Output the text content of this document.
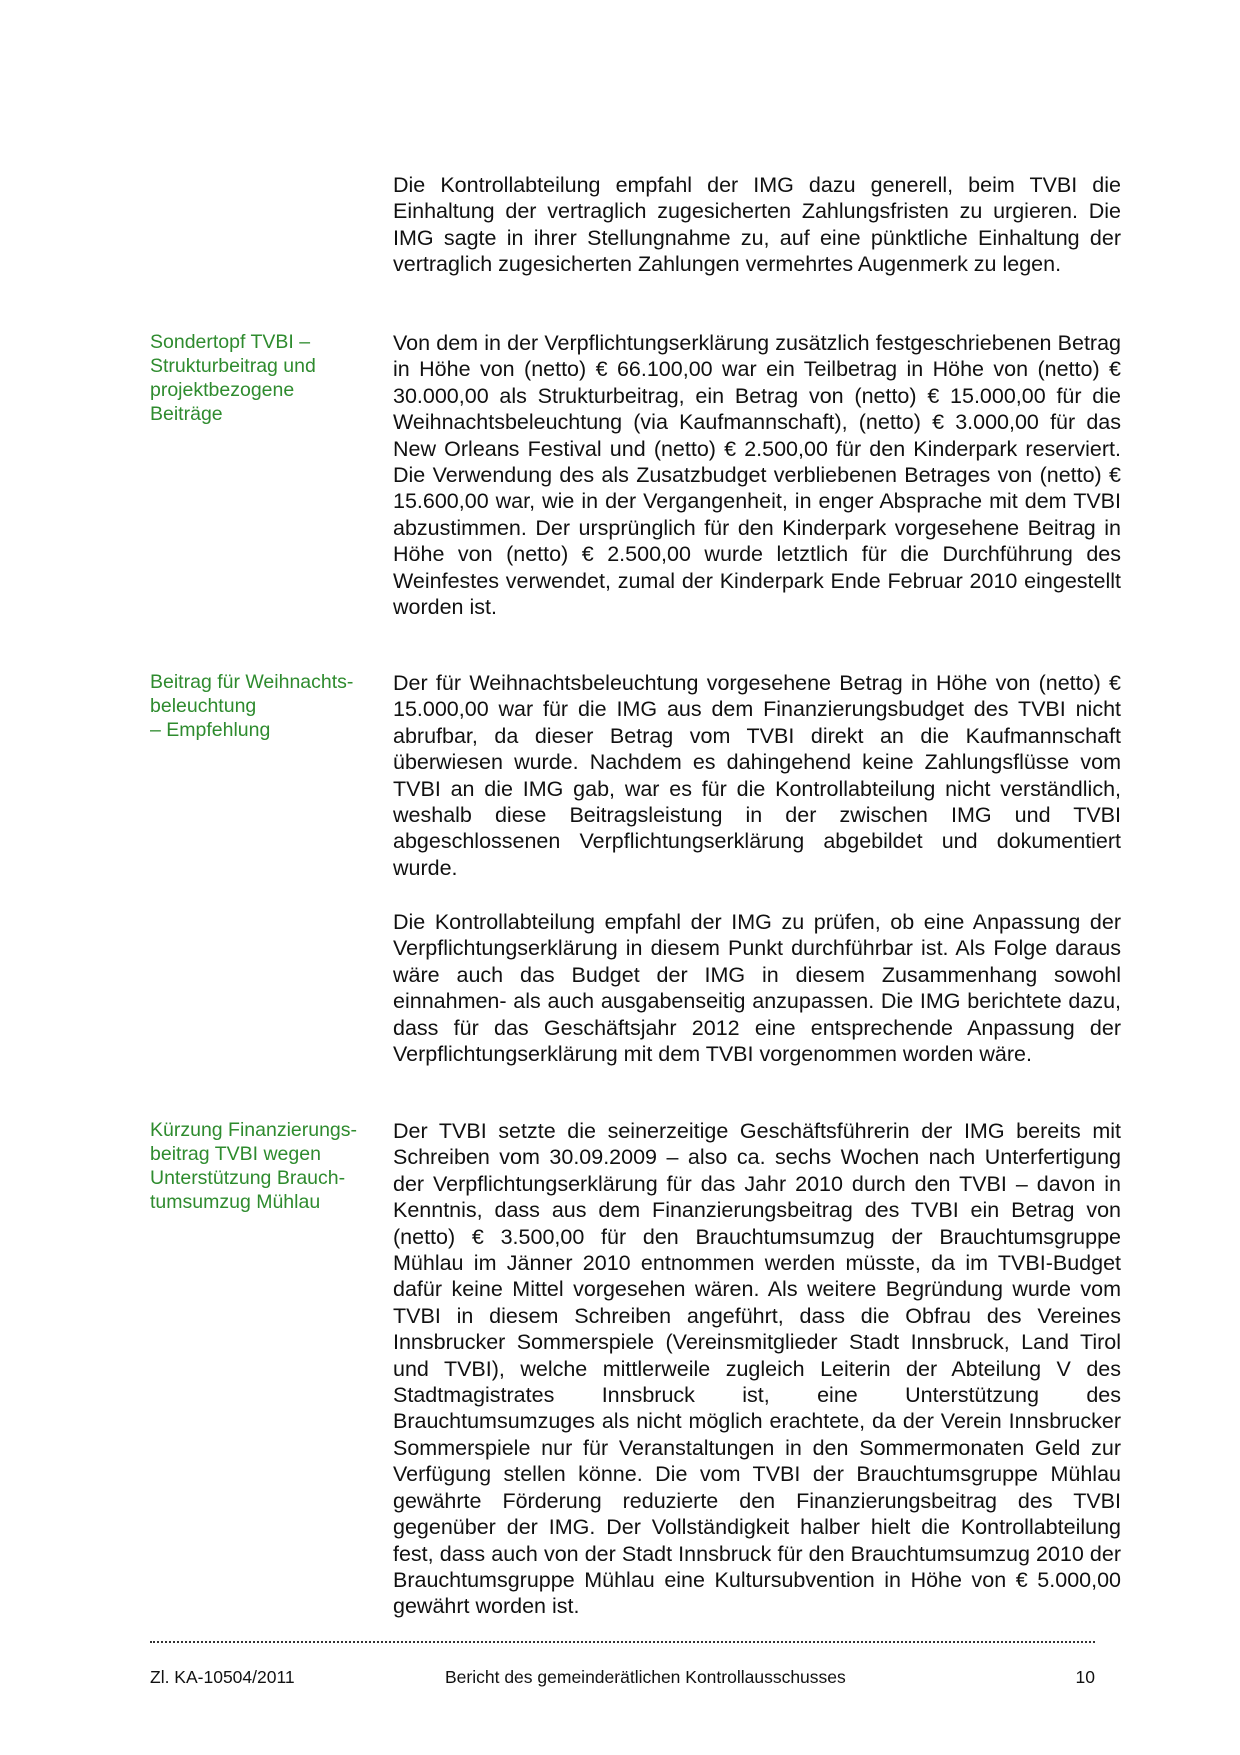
Die Kontrollabteilung empfahl der IMG dazu generell, beim TVBI die Einhaltung der vertraglich zugesicherten Zahlungsfristen zu urgieren. Die IMG sagte in ihrer Stellungnahme zu, auf eine pünktliche Einhaltung der vertraglich zugesicherten Zahlungen vermehrtes Augenmerk zu legen.

Sondertopf TVBI –
Strukturbeitrag und
projektbezogene
Beiträge

Von dem in der Verpflichtungserklärung zusätzlich festgeschriebenen Betrag in Höhe von (netto) € 66.100,00 war ein Teilbetrag in Höhe von (netto) € 30.000,00 als Strukturbeitrag, ein Betrag von (netto) € 15.000,00 für die Weihnachtsbeleuchtung (via Kaufmannschaft), (netto) € 3.000,00 für das New Orleans Festival und (netto) € 2.500,00 für den Kinderpark reserviert. Die Verwendung des als Zusatzbudget verbliebenen Betrages von (netto) € 15.600,00 war, wie in der Vergangenheit, in enger Absprache mit dem TVBI abzustimmen. Der ursprünglich für den Kinderpark vorgesehene Beitrag in Höhe von (netto) € 2.500,00 wurde letztlich für die Durchführung des Weinfestes verwendet, zumal der Kinderpark Ende Februar 2010 eingestellt worden ist.

Beitrag für Weihnachts-
beleuchtung
– Empfehlung

Der für Weihnachtsbeleuchtung vorgesehene Betrag in Höhe von (netto) € 15.000,00 war für die IMG aus dem Finanzierungsbudget des TVBI nicht abrufbar, da dieser Betrag vom TVBI direkt an die Kaufmannschaft überwiesen wurde. Nachdem es dahingehend keine Zahlungsflüsse vom TVBI an die IMG gab, war es für die Kontrollabteilung nicht verständlich, weshalb diese Beitragsleistung in der zwischen IMG und TVBI abgeschlossenen Verpflichtungserklärung abgebildet und dokumentiert wurde.

Die Kontrollabteilung empfahl der IMG zu prüfen, ob eine Anpassung der Verpflichtungserklärung in diesem Punkt durchführbar ist. Als Folge daraus wäre auch das Budget der IMG in diesem Zusammenhang sowohl einnahmen- als auch ausgabenseitig anzupassen. Die IMG berichtete dazu, dass für das Geschäftsjahr 2012 eine entsprechende Anpassung der Verpflichtungserklärung mit dem TVBI vorgenommen worden wäre.

Kürzung Finanzierungs-
beitrag TVBI wegen
Unterstützung Brauch-
tumsumzug Mühlau

Der TVBI setzte die seinerzeitige Geschäftsführerin der IMG bereits mit Schreiben vom 30.09.2009 – also ca. sechs Wochen nach Unterfertigung der Verpflichtungserklärung für das Jahr 2010 durch den TVBI – davon in Kenntnis, dass aus dem Finanzierungsbeitrag des TVBI ein Betrag von (netto) € 3.500,00 für den Brauchtumsumzug der Brauchtumsgruppe Mühlau im Jänner 2010 entnommen werden müsste, da im TVBI-Budget dafür keine Mittel vorgesehen wären. Als weitere Begründung wurde vom TVBI in diesem Schreiben angeführt, dass die Obfrau des Vereines Innsbrucker Sommerspiele (Vereinsmitglieder Stadt Innsbruck, Land Tirol und TVBI), welche mittlerweile zugleich Leiterin der Abteilung V des Stadtmagistrates Innsbruck ist, eine Unterstützung des Brauchtumsumzuges als nicht möglich erachtete, da der Verein Innsbrucker Sommerspiele nur für Veranstaltungen in den Sommermonaten Geld zur Verfügung stellen könne. Die vom TVBI der Brauchtumsgruppe Mühlau gewährte Förderung reduzierte den Finanzierungsbeitrag des TVBI gegenüber der IMG. Der Vollständigkeit halber hielt die Kontrollabteilung fest, dass auch von der Stadt Innsbruck für den Brauchtumsumzug 2010 der Brauchtumsgruppe Mühlau eine Kultursubvention in Höhe von € 5.000,00 gewährt worden ist.

Zl. KA-10504/2011	Bericht des gemeinderätlichen Kontrollausschusses	10
